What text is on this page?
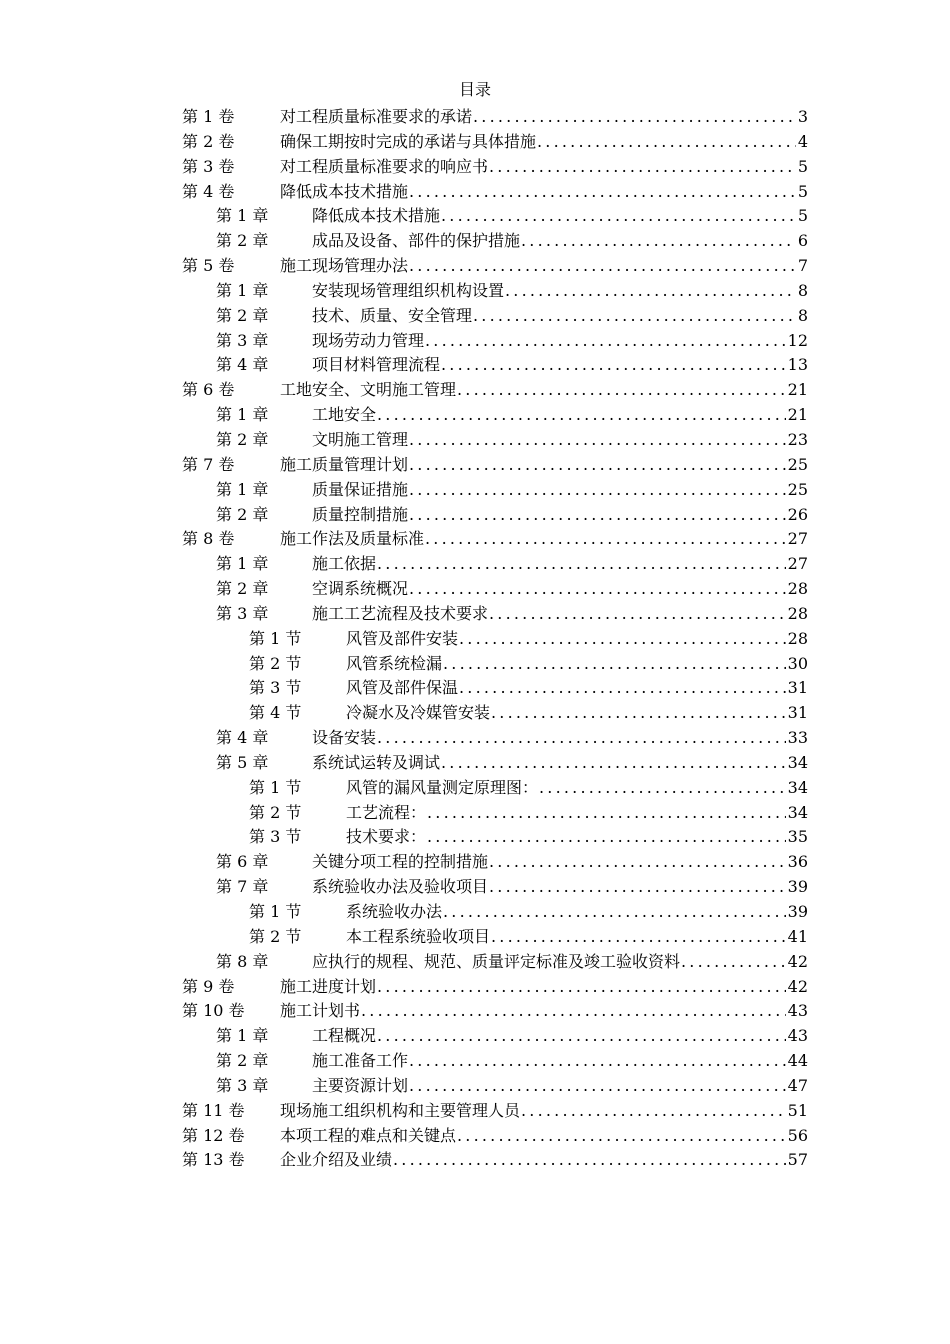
目录
第 1 卷	对工程质量标准要求的承诺 .....	3
第 2 卷	确保工期按时完成的承诺与具体措施 .....	4
第 3 卷	对工程质量标准要求的响应书 .....	5
第 4 卷	降低成本技术措施 .....	5
第 1 章	降低成本技术措施 .....	5
第 2 章	成品及设备、部件的保护措施 .....	6
第 5 卷	施工现场管理办法 .....	7
第 1 章	安装现场管理组织机构设置 .....	8
第 2 章	技术、质量、安全管理 .....	8
第 3 章	现场劳动力管理 .....	12
第 4 章	项目材料管理流程 .....	13
第 6 卷	工地安全、文明施工管理 .....	21
第 1 章	工地安全 .....	21
第 2 章	文明施工管理 .....	23
第 7 卷	施工质量管理计划 .....	25
第 1 章	质量保证措施 .....	25
第 2 章	质量控制措施 .....	26
第 8 卷	施工作法及质量标准 .....	27
第 1 章	施工依据 .....	27
第 2 章	空调系统概况 .....	28
第 3 章	施工工艺流程及技术要求 .....	28
第 1 节	风管及部件安装 .....	28
第 2 节	风管系统检漏 .....	30
第 3 节	风管及部件保温 .....	31
第 4 节	冷凝水及冷媒管安装 .....	31
第 4 章	设备安装 .....	33
第 5 章	系统试运转及调试 .....	34
第 1 节	风管的漏风量测定原理图： .....	34
第 2 节	工艺流程： .....	34
第 3 节	技术要求： .....	35
第 6 章	关键分项工程的控制措施 .....	36
第 7 章	系统验收办法及验收项目 .....	39
第 1 节	系统验收办法 .....	39
第 2 节	本工程系统验收项目 .....	41
第 8 章	应执行的规程、规范、质量评定标准及竣工验收资料 .....	42
第 9 卷	施工进度计划 .....	42
第 10 卷	施工计划书 .....	43
第 1 章	工程概况 .....	43
第 2 章	施工准备工作 .....	44
第 3 章	主要资源计划 .....	47
第 11 卷	现场施工组织机构和主要管理人员 .....	51
第 12 卷	本项工程的难点和关键点 .....	56
第 13 卷	企业介绍及业绩 .....	57
